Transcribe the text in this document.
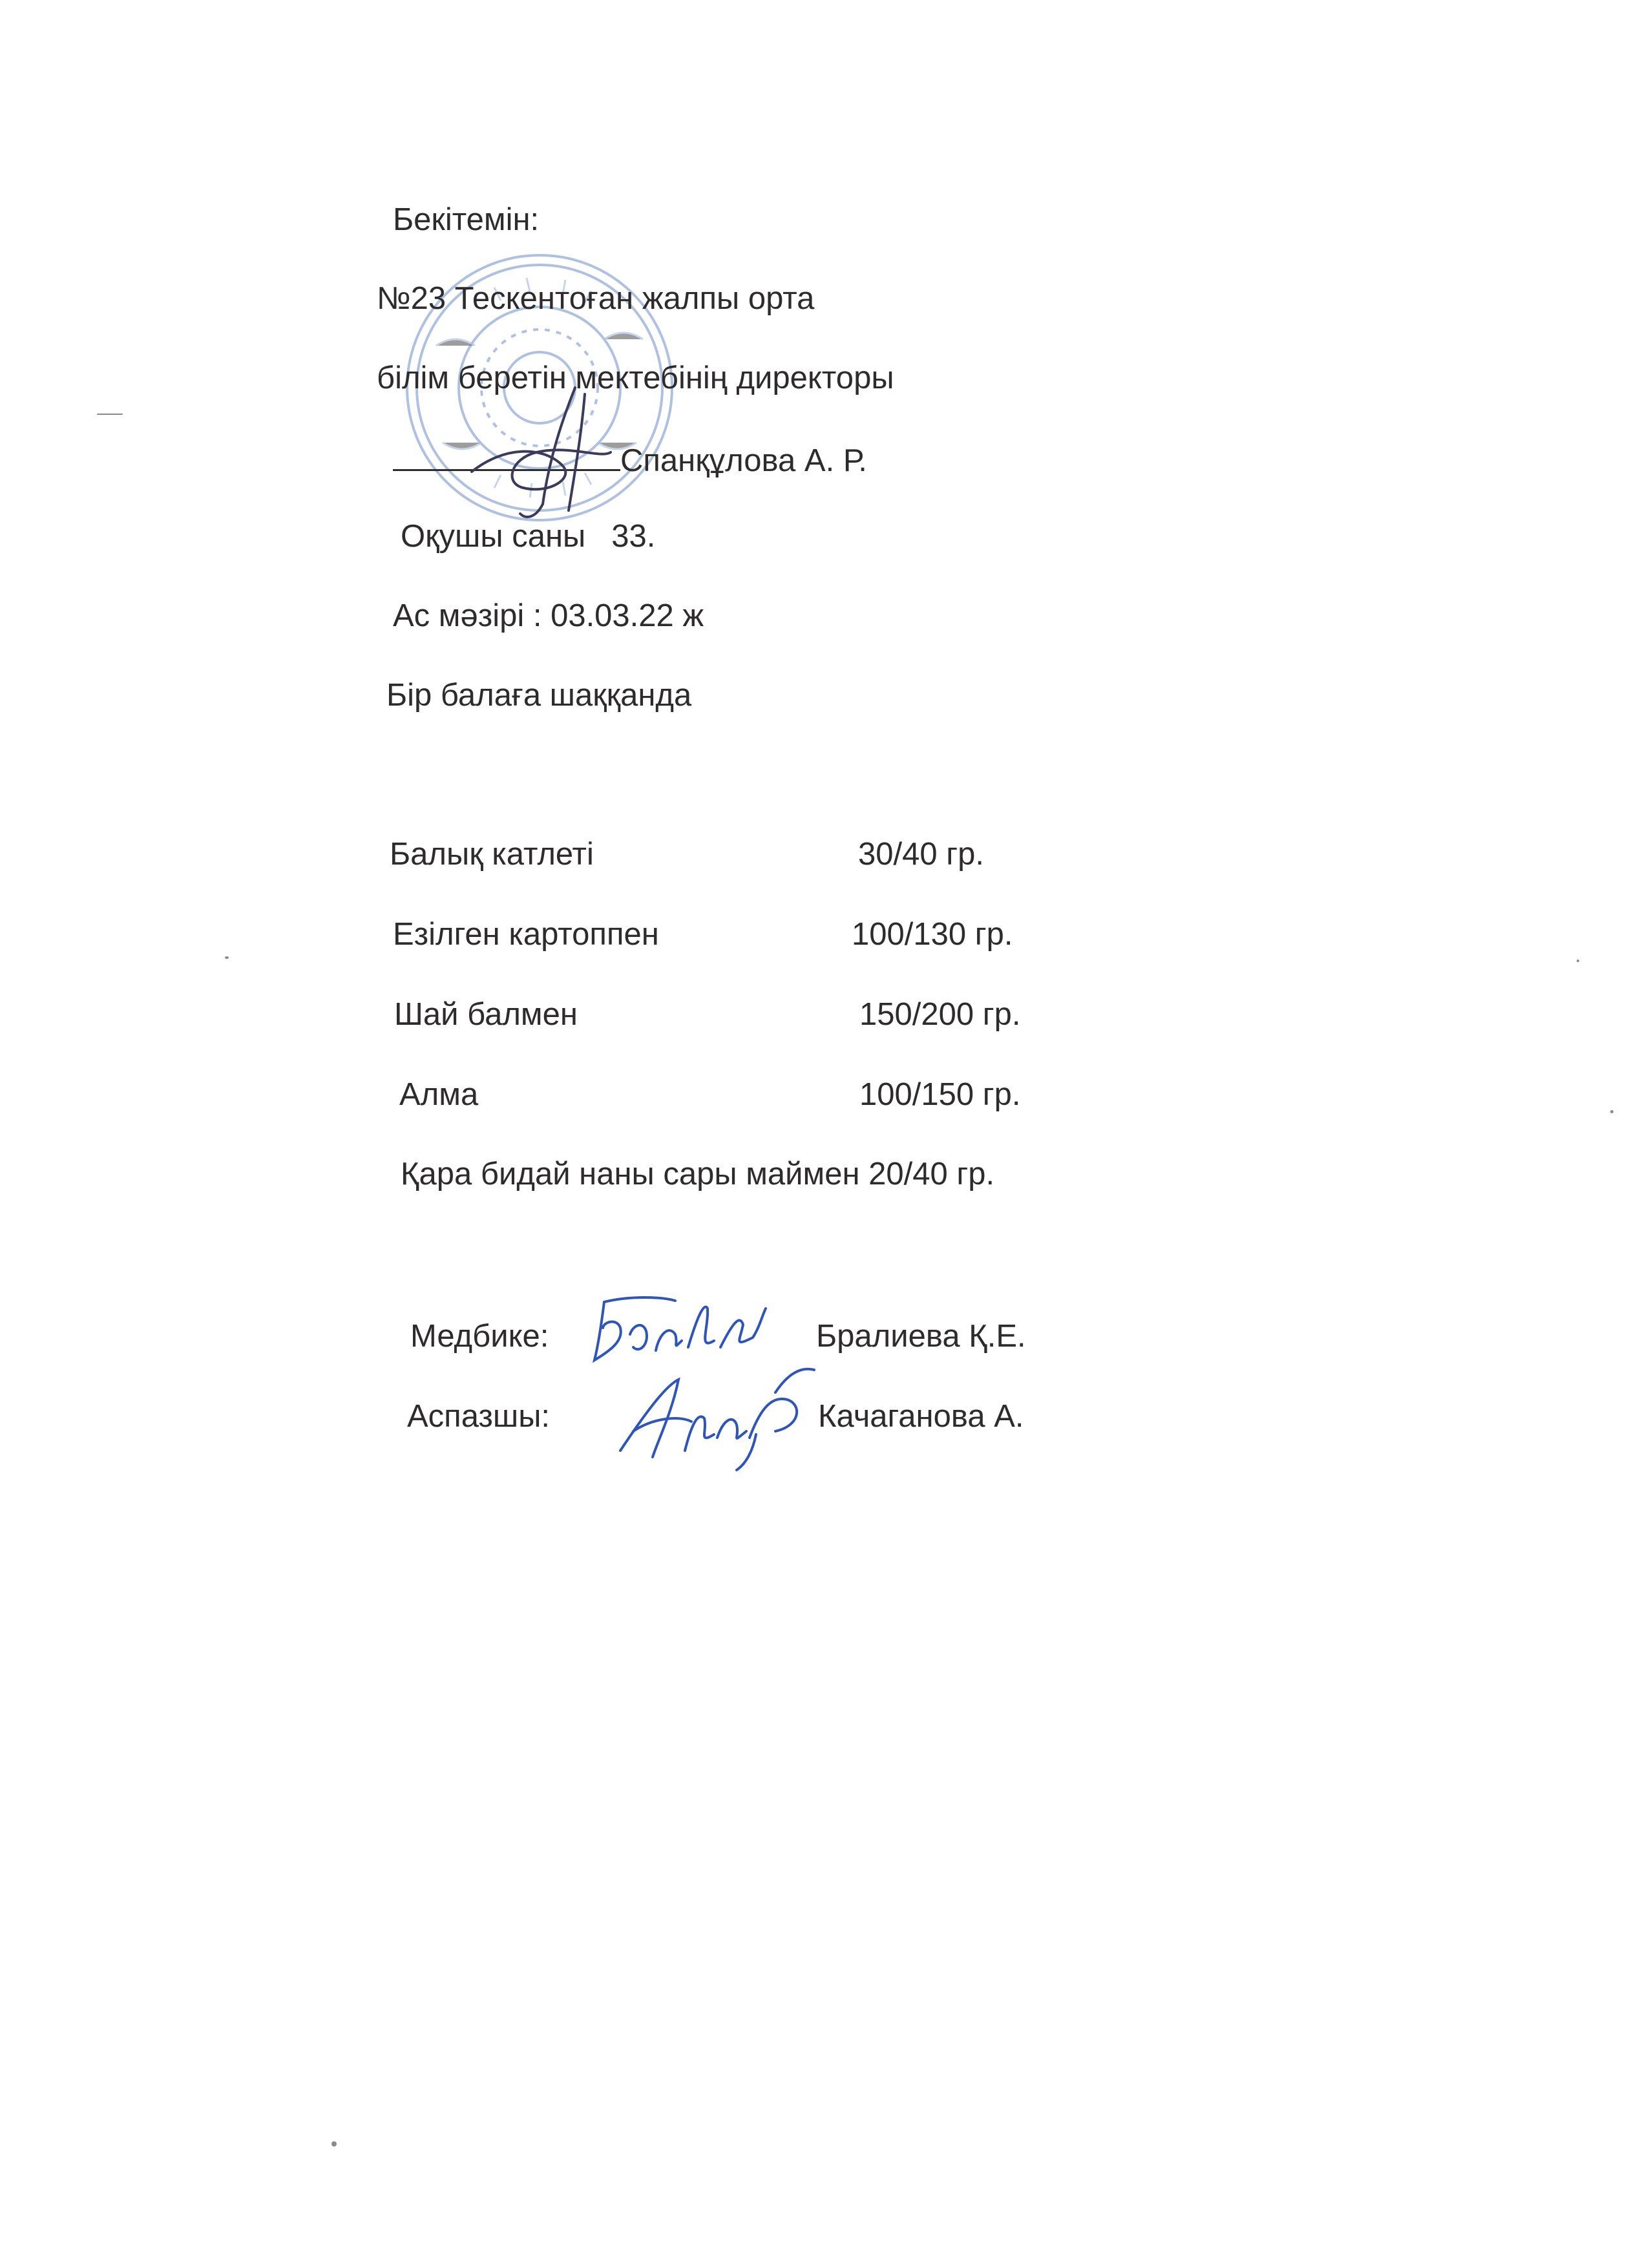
Бекітемін:
№23 Тескентоған жалпы орта
білім беретін мектебінің директоры
Спанқұлова А. Р.
Оқушы саны 33.
Ас мәзірі : 03.03.22 ж
Бір балаға шаққанда
Балық катлеті	30/40 гр.
Езілген картоппен	100/130 гр.
Шай балмен	150/200 гр.
Алма	100/150 гр.
Қара бидай наны сары маймен 20/40 гр.
Медбике:	Бралиева Қ.Е.
Аспазшы:	Качаганова А.
